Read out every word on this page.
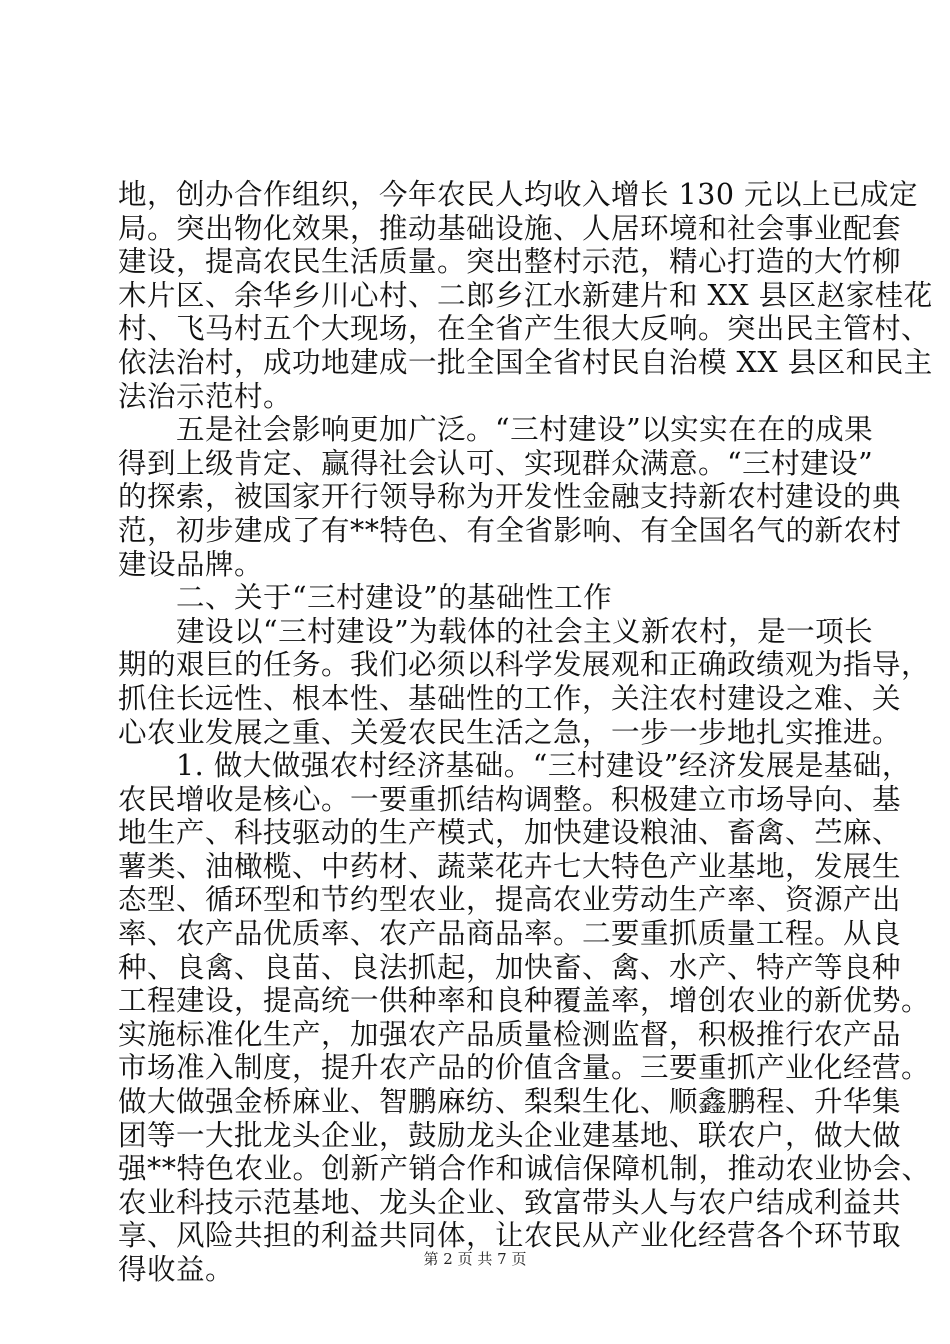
地，创办合作组织，今年农民人均收入增长 130 元以上已成定
局。突出物化效果，推动基础设施、人居环境和社会事业配套
建设，提高农民生活质量。突出整村示范，精心打造的大竹柳
木片区、余华乡川心村、二郎乡江水新建片和 XX 县区赵家桂花
村、飞马村五个大现场，在全省产生很大反响。突出民主管村、
依法治村，成功地建成一批全国全省村民自治模 XX 县区和民主
法治示范村。
　　五是社会影响更加广泛。“三村建设”以实实在在的成果
得到上级肯定、赢得社会认可、实现群众满意。“三村建设”
的探索，被国家开行领导称为开发性金融支持新农村建设的典
范，初步建成了有**特色、有全省影响、有全国名气的新农村
建设品牌。
　　二、关于“三村建设”的基础性工作
　　建设以“三村建设”为载体的社会主义新农村，是一项长
期的艰巨的任务。我们必须以科学发展观和正确政绩观为指导，
抓住长远性、根本性、基础性的工作，关注农村建设之难、关
心农业发展之重、关爱农民生活之急，一步一步地扎实推进。
　　1. 做大做强农村经济基础。“三村建设”经济发展是基础，
农民增收是核心。一要重抓结构调整。积极建立市场导向、基
地生产、科技驱动的生产模式，加快建设粮油、畜禽、苎麻、
薯类、油橄榄、中药材、蔬菜花卉七大特色产业基地，发展生
态型、循环型和节约型农业，提高农业劳动生产率、资源产出
率、农产品优质率、农产品商品率。二要重抓质量工程。从良
种、良禽、良苗、良法抓起，加快畜、禽、水产、特产等良种
工程建设，提高统一供种率和良种覆盖率，增创农业的新优势。
实施标准化生产，加强农产品质量检测监督，积极推行农产品
市场准入制度，提升农产品的价值含量。三要重抓产业化经营。
做大做强金桥麻业、智鹏麻纺、梨梨生化、顺鑫鹏程、升华集
团等一大批龙头企业，鼓励龙头企业建基地、联农户，做大做
强**特色农业。创新产销合作和诚信保障机制，推动农业协会、
农业科技示范基地、龙头企业、致富带头人与农户结成利益共
享、风险共担的利益共同体，让农民从产业化经营各个环节取
得收益。	第 2 页 共 7 页
